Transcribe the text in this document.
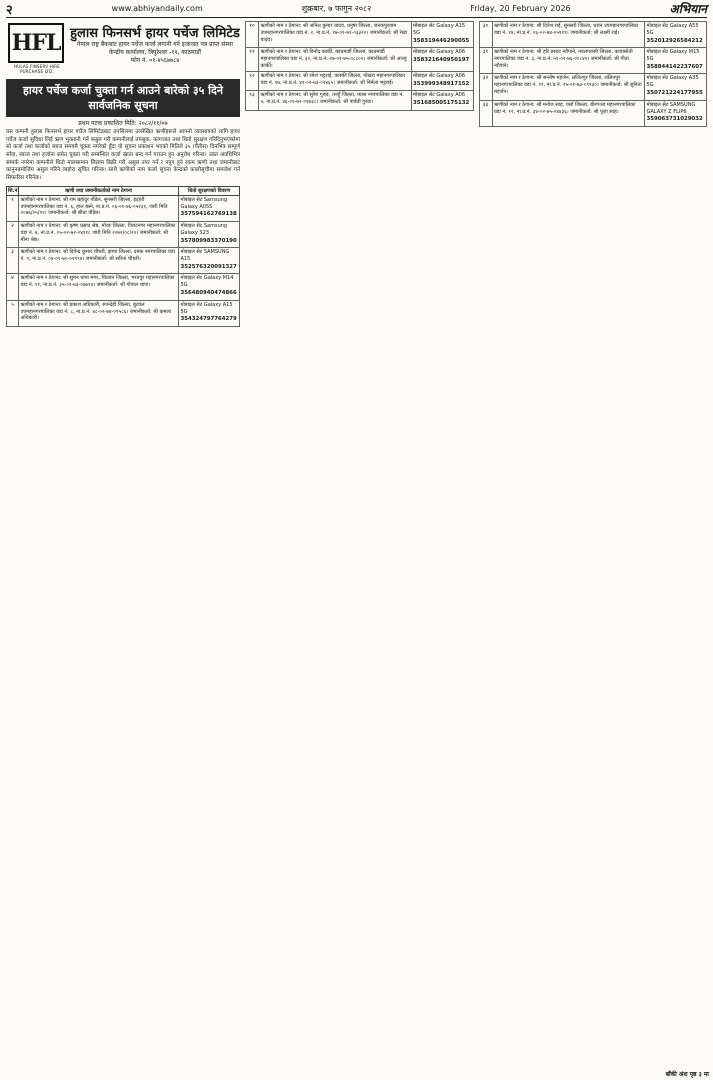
२	www.abhiyandaily.com	शुक्रबार, ७ फागुन २०८२	Friday, 20 February 2026	अभियान
HFL
HULAS FINSERV HIRE PURCHASE LTD.
हुलास फिनसर्भ हायर पर्चेज लिमिटेड
नेपाल राष्ट्र बैंकबाट हायर पर्चेज कर्जा लगानी गर्न इजाजत पत्र प्राप्त संस्था
केन्द्रीय कार्यालय, त्रिपुरेश्वर -११, काठमाडौं
फोन नं. ०१-४५६७७८४
हायर पर्चेज कर्जा चुक्ता गर्न आउने बारेको ३५ दिने सार्वजनिक सूचना
प्रथम पटक प्रकाशित मिति: २०८२/११/०७
यस कम्पनी हुलास फिनसर्भ हायर पर्चेज लिमिटेडबाट तपसिलमा उल्लेखित ऋणीहरूले आफ्नो व्यवसायको लागि हायर पर्चेज कर्जा सुविधा लिई ऋण भुक्तानी गर्ने कबुल गरी कम्पनीलाई तमसुक, कागजात तथा धितो सुरक्षण गरिदिनुभएकोमा सो कर्जा तथा कर्जाको ब्याज समयमै चुक्ता नगरेको हुँदा यो सूचना प्रकाशन भएको मितिले ३५ (पैंतीस) दिनभित्र सम्पूर्ण साँवा, ब्याज तथा हर्जाना समेत चुक्ता गरी सम्बन्धित कर्जा खाता बन्द गर्न गराउन हुन अनुरोध गरिन्छ। उक्त अवधिभित्र सम्पर्क नगरेमा कम्पनीले धितो मालसामान लिलाम बिक्री गरी असुल उपर गर्ने र नपुग हुने रकम ऋणी तथा जमानीबाट कानुनबमोजिम असुल गरिने व्यहोरा सूचित गरिन्छ। साथै ऋणीको नाम कर्जा सूचना केन्द्रको कालोसूचीमा समावेश गर्न सिफारिस गरिनेछ।
सि.नं.	ऋणी तथा जमानीकर्ताको नाम ठेगाना	धितो सुरक्षणको विवरण
१	ऋणीको नाम र ठेगाना: श्री राम बहादुर पौडेल, सुनसरी जिल्ला, इटहरी उपमहानगरपालिका वडा नं. ६, हाल बस्ने, ना.प्र.नं. ०६-०१-७६-०५२३१, जारी मिति २०७६/०५/१२। जमानीकर्ता: श्री सीता पौडेल।	मोबाइल सेट Samsung Galaxy A05S
357594162769138

२	ऋणीको नाम र ठेगाना: श्री कृष्ण प्रसाद श्रेष्ठ, मोरङ जिल्ला, विराटनगर महानगरपालिका वडा नं. ४, ना.प्र.नं. ०५-०२-७२-०४११८ जारी मिति २०७२/०८/२०। जमानीकर्ता: श्री मीना श्रेष्ठ।	मोबाइल सेट Samsung Galaxy S23
357809983370190

३	ऋणीको नाम र ठेगाना: श्री दिपेन्द्र कुमार चौधरी, झापा जिल्ला, दमक नगरपालिका वडा नं. ९, ना.प्र.नं. ०४-०१-७०-०२९९४। जमानीकर्ता: श्री सरिता चौधरी।	मोबाइल सेट SAMSUNG A15
352576320091327

४	ऋणीको नाम र ठेगाना: श्री सुमन थापा मगर, चितवन जिल्ला, भरतपुर महानगरपालिका वडा नं. ११, ना.प्र.नं. ३५-०१-७३-०६७१४। जमानीकर्ता: श्री गोपाल थापा।	मोबाइल सेट Galaxy M14 5G
356480940474866

५	ऋणीको नाम र ठेगाना: श्री प्रकाश अधिकारी, रुपन्देही जिल्ला, बुटवल उपमहानगरपालिका वडा नं. ८, ना.प्र.नं. ४८-०२-७४-०१५८६। जमानीकर्ता: श्री कमला अधिकारी।	मोबाइल सेट Galaxy A15 5G
354324797764279
१०	ऋणीको नाम र ठेगाना: श्री अनिल कुमार यादव, धनुषा जिल्ला, जनकपुरधाम उपमहानगरपालिका वडा नं. २, ना.प्र.नं. १७-०१-७१-०३३२०। जमानीकर्ता: श्री रेखा यादव।	मोबाइल सेट Galaxy A15 5G
358319446290055

११	ऋणीको नाम र ठेगाना: श्री विनोद कार्की, काठमाडौं जिल्ला, काठमाडौं महानगरपालिका वडा नं. ३२, ना.प्र.नं. २७-०१-७५-०८८०२। जमानीकर्ता: श्री अञ्जु कार्की।	मोबाइल सेट Galaxy A06
358321640950197

१२	ऋणीको नाम र ठेगाना: श्री रमेश भट्टराई, कास्की जिल्ला, पोखरा महानगरपालिका वडा नं. १७, ना.प्र.नं. ४१-०२-७३-०२४६५। जमानीकर्ता: श्री निर्मला भट्टराई।	मोबाइल सेट Galaxy A06
353999348917152

१३	ऋणीको नाम र ठेगाना: श्री सुरेश गुरुङ, तनहुँ जिल्ला, व्यास नगरपालिका वडा नं. ५, ना.प्र.नं. ४६-०१-७२-०१७३८। जमानीकर्ता: श्री पार्वती गुरुङ।	मोबाइल सेट Galaxy A06
351685005175132
३०	ऋणीको नाम र ठेगाना: श्री दिनेश राई, सुनसरी जिल्ला, धरान उपमहानगरपालिका वडा नं. १४, ना.प्र.नं. ०६-०२-७४-०५११९। जमानीकर्ता: श्री लक्ष्मी राई।	मोबाइल सेट Galaxy A55 5G
352012926584212

३१	ऋणीको नाम र ठेगाना: श्री हरि प्रसाद न्यौपाने, नवलपरासी जिल्ला, कावासोती नगरपालिका वडा नं. ३, ना.प्र.नं. ५१-०१-७६-००८४२। जमानीकर्ता: श्री गीता न्यौपाने।	मोबाइल सेट Galaxy M15 5G
358844142237607

३२	ऋणीको नाम र ठेगाना: श्री सन्तोष महर्जन, ललितपुर जिल्ला, ललितपुर महानगरपालिका वडा नं. १९, ना.प्र.नं. २५-०१-७३-०९९३०। जमानीकर्ता: श्री सुनिता महर्जन।	मोबाइल सेट Galaxy A35 5G
350721224177955

३३	ऋणीको नाम र ठेगाना: श्री मनोज साह, पर्सा जिल्ला, बीरगञ्ज महानगरपालिका वडा नं. १२, ना.प्र.नं. ३४-०२-७५-०४४३६। जमानीकर्ता: श्री पूजा साह।	मोबाइल सेट SAMSUNG GALAXY Z FLIP6
359063731029032
बाँकी अंश पृष्ठ ३ मा
